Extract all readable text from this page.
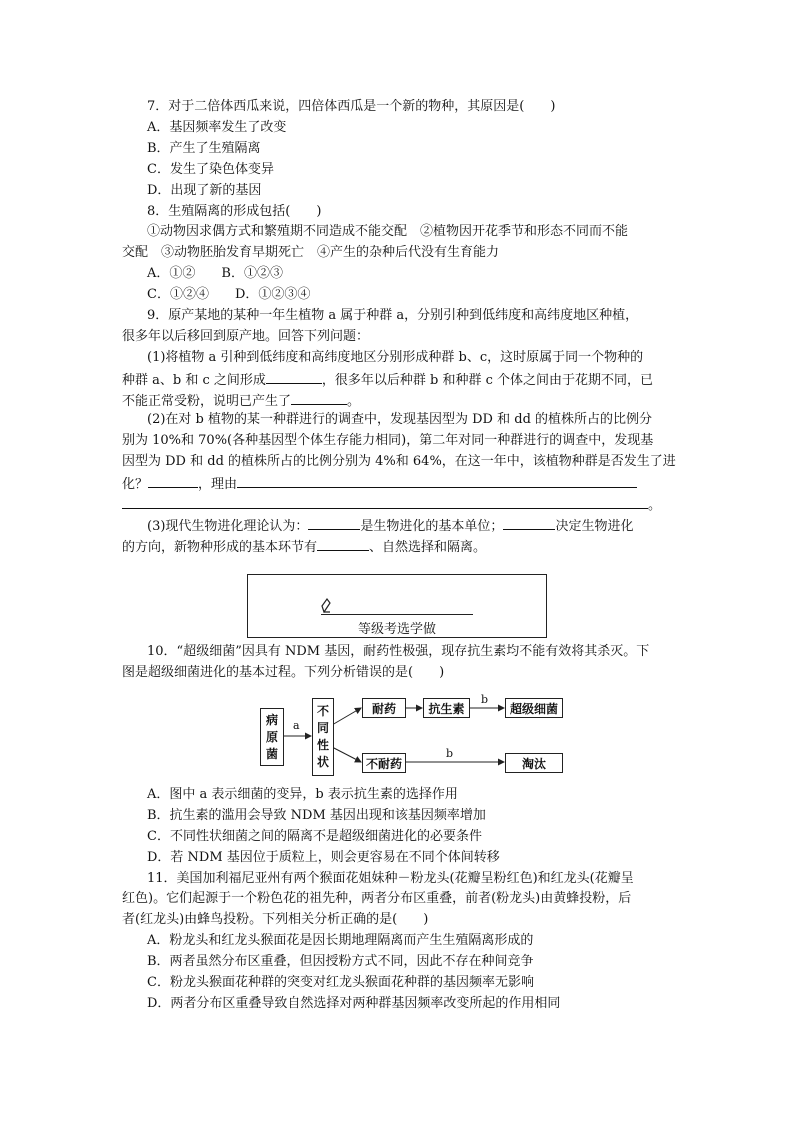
7．对于二倍体西瓜来说，四倍体西瓜是一个新的物种，其原因是(　　)
A．基因频率发生了改变
B．产生了生殖隔离
C．发生了染色体变异
D．出现了新的基因
8．生殖隔离的形成包括(　　)
①动物因求偶方式和繁殖期不同造成不能交配　②植物因开花季节和形态不同而不能
交配　③动物胚胎发育早期死亡　④产生的杂种后代没有生育能力
A．①②　　B．①②③
C．①②④　　D．①②③④
9．原产某地的某种一年生植物 a 属于种群 a，分别引种到低纬度和高纬度地区种植，
很多年以后移回到原产地。回答下列问题：
(1)将植物 a 引种到低纬度和高纬度地区分别形成种群 b、c，这时原属于同一个物种的
种群 a、b 和 c 之间形成	，很多年以后种群 b 和种群 c 个体之间由于花期不同，已
不能正常受粉，说明已产生了	。
(2)在对 b 植物的某一种群进行的调查中，发现基因型为 DD 和 dd 的植株所占的比例分
别为 10%和 70%(各种基因型个体生存能力相同)，第二年对同一种群进行的调查中，发现基
因型为 DD 和 dd 的植株所占的比例分别为 4%和 64%，在这一年中，该植物种群是否发生了进
化？	，理由
。
(3)现代生物进化理论认为：	是生物进化的基本单位；	决定生物进化
的方向，新物种形成的基本环节有	、自然选择和隔离。
等级考选学做
10．“超级细菌”因具有 NDM 基因，耐药性极强，现存抗生素均不能有效将其杀灭。下
图是超级细菌进化的基本过程。下列分析错误的是(　　)
病
原
菌
a
不
同
性
状
耐药	抗生素
b
超级细菌
不耐药
b
淘汰
A．图中 a 表示细菌的变异，b 表示抗生素的选择作用
B．抗生素的滥用会导致 NDM 基因出现和该基因频率增加
C．不同性状细菌之间的隔离不是超级细菌进化的必要条件
D．若 NDM 基因位于质粒上，则会更容易在不同个体间转移
11．美国加利福尼亚州有两个猴面花姐妹种－粉龙头(花瓣呈粉红色)和红龙头(花瓣呈
红色)。它们起源于一个粉色花的祖先种，两者分布区重叠，前者(粉龙头)由黄蜂投粉，后
者(红龙头)由蜂鸟投粉。下列相关分析正确的是(　　)
A．粉龙头和红龙头猴面花是因长期地理隔离而产生生殖隔离形成的
B．两者虽然分布区重叠，但因授粉方式不同，因此不存在种间竞争
C．粉龙头猴面花种群的突变对红龙头猴面花种群的基因频率无影响
D．两者分布区重叠导致自然选择对两种群基因频率改变所起的作用相同
